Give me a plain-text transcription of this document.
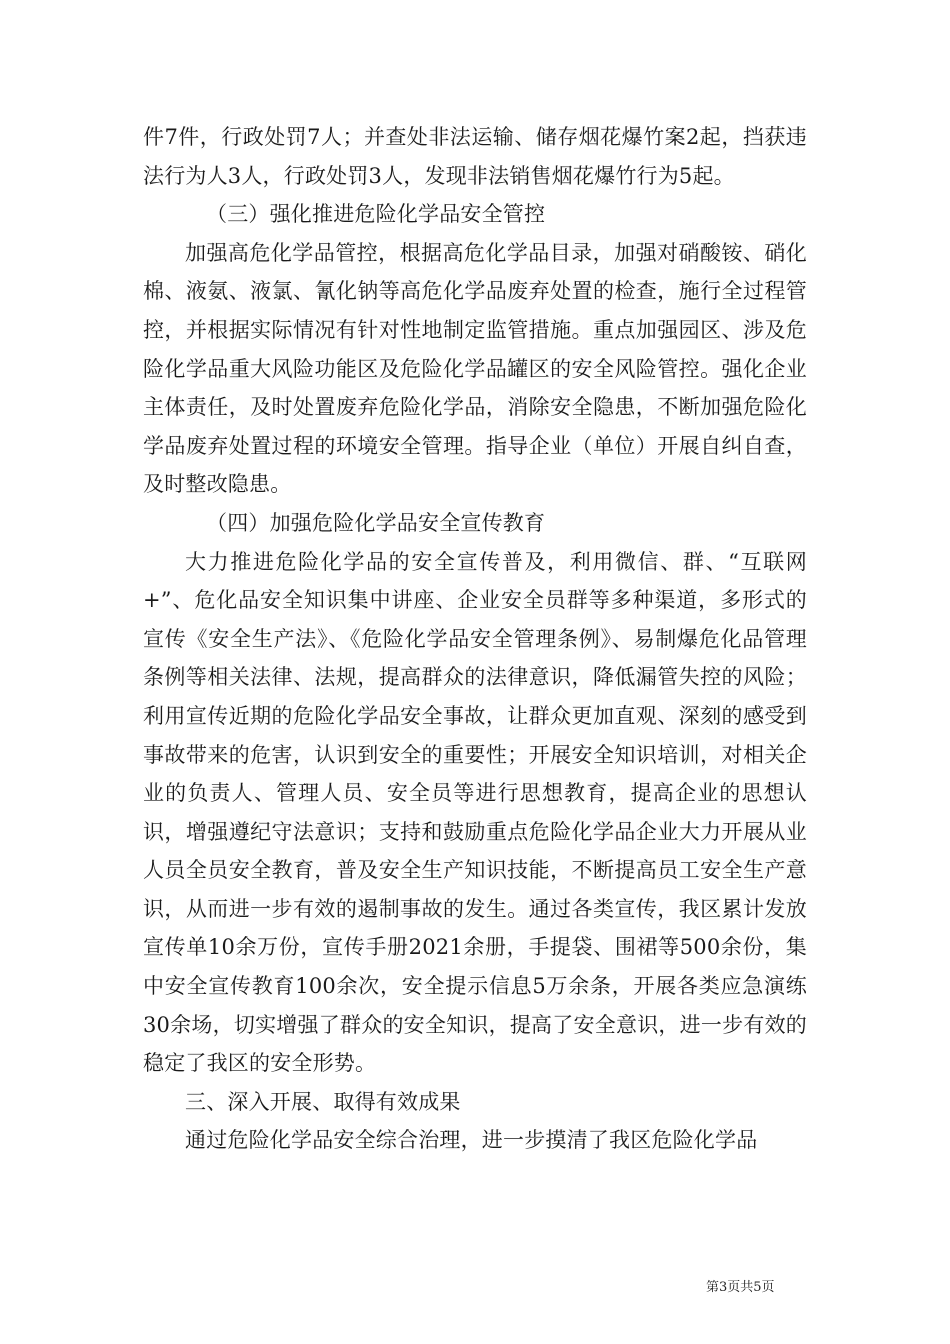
件7件，行政处罚7人；并查处非法运输、储存烟花爆竹案2起，挡获违法行为人3人，行政处罚3人，发现非法销售烟花爆竹行为5起。

（三）强化推进危险化学品安全管控

加强高危化学品管控，根据高危化学品目录，加强对硝酸铵、硝化棉、液氨、液氯、氰化钠等高危化学品废弃处置的检查，施行全过程管控，并根据实际情况有针对性地制定监管措施。重点加强园区、涉及危险化学品重大风险功能区及危险化学品罐区的安全风险管控。强化企业主体责任，及时处置废弃危险化学品，消除安全隐患，不断加强危险化学品废弃处置过程的环境安全管理。指导企业（单位）开展自纠自查，及时整改隐患。

（四）加强危险化学品安全宣传教育

大力推进危险化学品的安全宣传普及，利用微信、群、“互联网+”、危化品安全知识集中讲座、企业安全员群等多种渠道，多形式的宣传《安全生产法》、《危险化学品安全管理条例》、易制爆危化品管理条例等相关法律、法规，提高群众的法律意识，降低漏管失控的风险；利用宣传近期的危险化学品安全事故，让群众更加直观、深刻的感受到事故带来的危害，认识到安全的重要性；开展安全知识培训，对相关企业的负责人、管理人员、安全员等进行思想教育，提高企业的思想认识，增强遵纪守法意识；支持和鼓励重点危险化学品企业大力开展从业人员全员安全教育，普及安全生产知识技能，不断提高员工安全生产意识，从而进一步有效的遏制事故的发生。通过各类宣传，我区累计发放宣传单10余万份，宣传手册2021余册，手提袋、围裙等500余份，集中安全宣传教育100余次，安全提示信息5万余条，开展各类应急演练30余场，切实增强了群众的安全知识，提高了安全意识，进一步有效的稳定了我区的安全形势。

三、深入开展、取得有效成果

通过危险化学品安全综合治理，进一步摸清了我区危险化学品

第3页共5页
